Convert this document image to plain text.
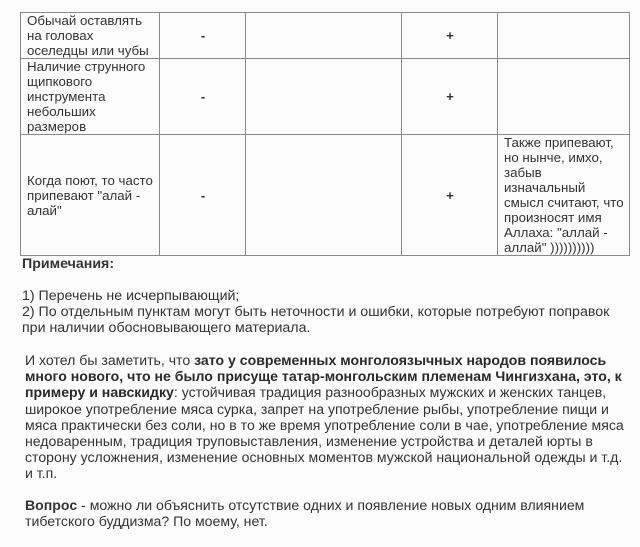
Обычай оставлять на головах оселедцы или чубы	-		+	
Наличие струнного щипкового инструмента небольших размеров	-		+	
Когда поют, то часто припевают "алай - алай"	-		+	Также припевают, но нынче, имхо, забыв изначальный смысл считают, что произносят имя Аллаха: "аллай - аллай" ))))))))))

Примечания:

1) Перечень не исчерпывающий;

2) По отдельным пунктам могут быть неточности и ошибки, которые потребуют поправок при наличии обосновывающего материала.

И хотел бы заметить, что зато у современных монголоязычных народов появилось много нового, что не было присуще татар-монгольским племенам Чингизхана, это, к примеру и навскидку: устойчивая традиция разнообразных мужских и женских танцев, широкое употребление мяса сурка, запрет на употребление рыбы, употребление пищи и мяса практически без соли, но в то же время употребление соли в чае, употребление мяса недоваренным, традиция труповыставления, изменение устройства и деталей юрты в сторону усложнения, изменение основных моментов мужской национальной одежды и т.д. и т.п.
Вопрос - можно ли объяснить отсутствие одних и появление новых одним влиянием тибетского буддизма? По моему, нет.
